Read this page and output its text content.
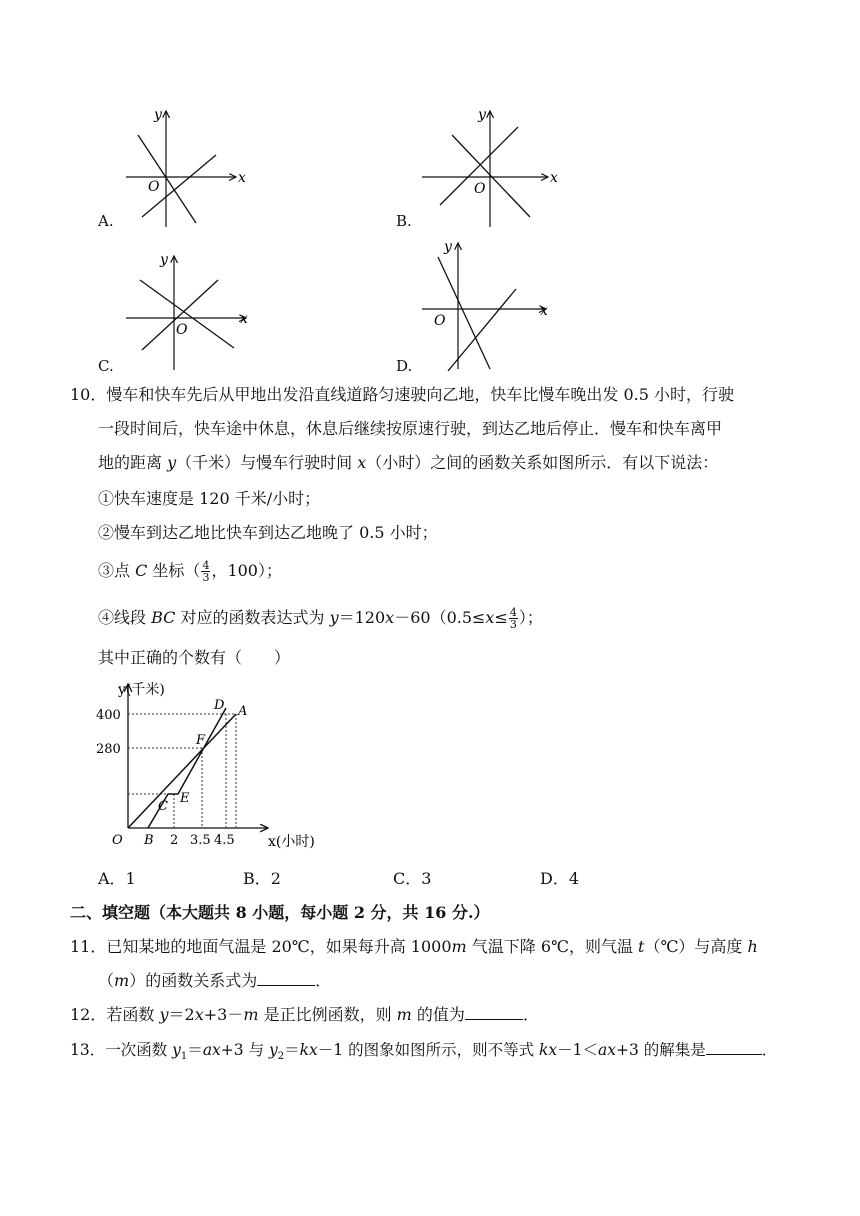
y
x
O
A.
y
x
O
B.
y
x
O
C.
y
x
O
D.
10．慢车和快车先后从甲地出发沿直线道路匀速驶向乙地，快车比慢车晚出发 0.5 小时，行驶
一段时间后，快车途中休息，休息后继续按原速行驶，到达乙地后停止．慢车和快车离甲
地的距离 y（千米）与慢车行驶时间 x（小时）之间的函数关系如图所示．有以下说法：
①快车速度是 120 千米/小时；
②慢车到达乙地比快车到达乙地晚了 0.5 小时；
③点 C 坐标（ $\frac{4}{3}$ ，100）；
④线段 BC 对应的函数表达式为 $y=120x-60(0.5\le x\le \frac{4}{3}$ ）；
其中正确的个数有（　　）
y(千米)
400
280
O B 2 3.5 4.5 x(小时)
C
E
F
D A
A．1	B．2	C．3	D．4
二、填空题（本大题共 8 小题，每小题 2 分，共 16 分.）
11．已知某地的地面气温是 20℃，如果每升高 1000m 气温下降 6℃，则气温 t（℃）与高度 h
（m）的函数关系式为	．
12．若函数 y＝2x+3－m 是正比例函数，则 m 的值为	．
13．一次函数 $y_1=ax+3$ 与 $y_2=kx-1$ 的图象如图所示，则不等式 kx－1＜ax+3 的解集是	．
